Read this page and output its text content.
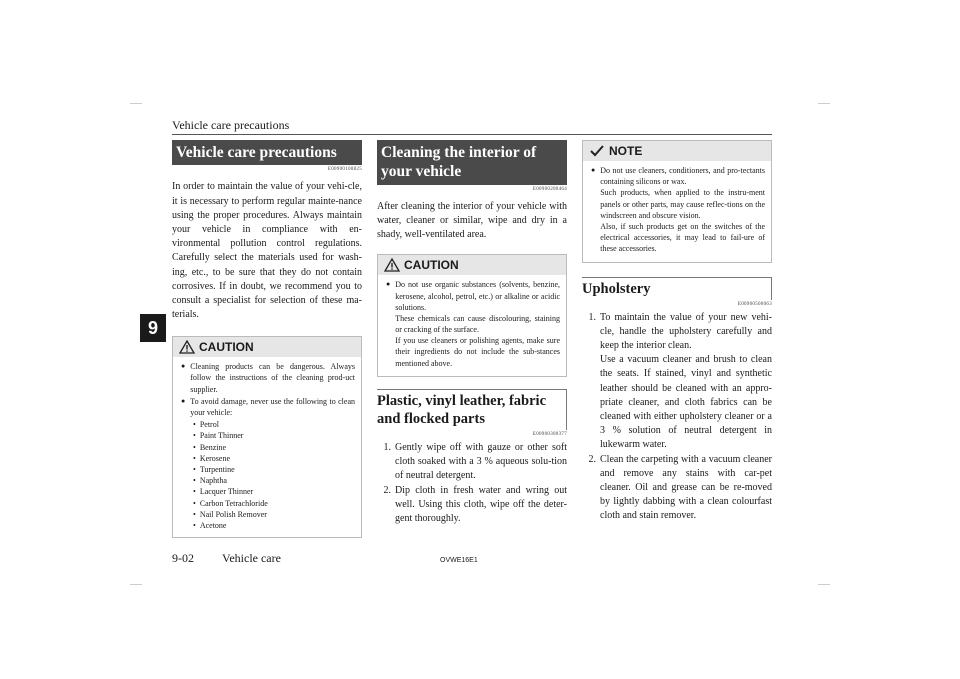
Vehicle care precautions
9
Vehicle care precautions
E00900100825
In order to maintain the value of your vehi-cle, it is necessary to perform regular mainte-nance using the proper procedures. Always maintain your vehicle in compliance with en-vironmental pollution control regulations. Carefully select the materials used for wash-ing, etc., to be sure that they do not contain corrosives. If in doubt, we recommend you to consult a specialist for selection of these ma-terials.
CAUTION
● Cleaning products can be dangerous. Always follow the instructions of the cleaning prod-uct supplier.
● To avoid damage, never use the following to clean your vehicle:
• Petrol
• Paint Thinner
• Benzine
• Kerosene
• Turpentine
• Naphtha
• Lacquer Thinner
• Carbon Tetrachloride
• Nail Polish Remover
• Acetone
Cleaning the interior of your vehicle
E00900200464
After cleaning the interior of your vehicle with water, cleaner or similar, wipe and dry in a shady, well-ventilated area.
CAUTION
● Do not use organic substances (solvents, benzine, kerosene, alcohol, petrol, etc.) or alkaline or acidic solutions.
These chemicals can cause discolouring, staining or cracking of the surface.
If you use cleaners or polishing agents, make sure their ingredients do not include the sub-stances mentioned above.
Plastic, vinyl leather, fabric and flocked parts
E00900300377
1. Gently wipe off with gauze or other soft cloth soaked with a 3 % aqueous solu-tion of neutral detergent.
2. Dip cloth in fresh water and wring out well. Using this cloth, wipe off the deter-gent thoroughly.
NOTE
● Do not use cleaners, conditioners, and pro-tectants containing silicons or wax.
Such products, when applied to the instru-ment panels or other parts, may cause reflec-tions on the windscreen and obscure vision.
Also, if such products get on the switches of the electrical accessories, it may lead to fail-ure of these accessories.
Upholstery
E00900500063
1. To maintain the value of your new vehi-cle, handle the upholstery carefully and keep the interior clean.
Use a vacuum cleaner and brush to clean the seats. If stained, vinyl and synthetic leather should be cleaned with an appro-priate cleaner, and cloth fabrics can be cleaned with either upholstery cleaner or a 3 % solution of neutral detergent in lukewarm water.
2. Clean the carpeting with a vacuum cleaner and remove any stains with car-pet cleaner. Oil and grease can be re-moved by lightly dabbing with a clean colourfast cloth and stain remover.
9-02 Vehicle care	OVWE16E1
